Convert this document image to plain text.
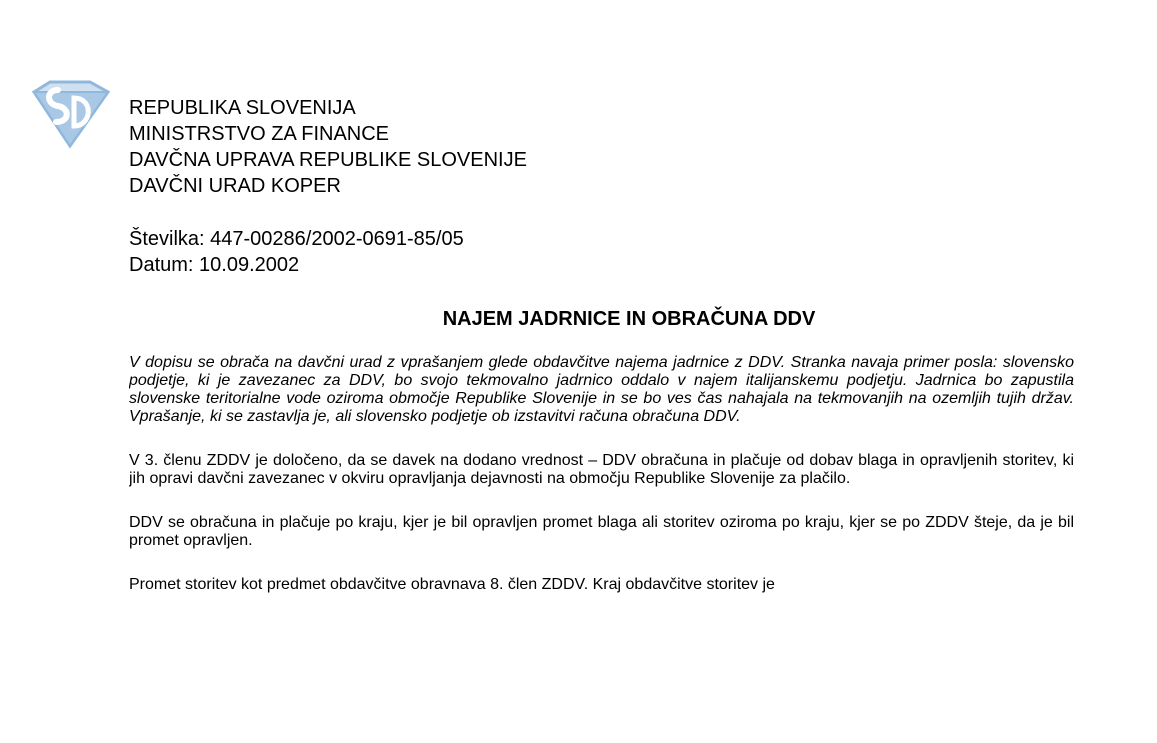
REPUBLIKA SLOVENIJA
MINISTRSTVO ZA FINANCE
DAVČNA UPRAVA REPUBLIKE SLOVENIJE
DAVČNI URAD KOPER
Številka: 447-00286/2002-0691-85/05
Datum: 10.09.2002
NAJEM JADRNICE IN OBRAČUNA DDV

V dopisu se obrača na davčni urad z vprašanjem glede obdavčitve najema jadrnice z DDV. Stranka navaja primer posla: slovensko podjetje, ki je zavezanec za DDV, bo svojo tekmovalno jadrnico oddalo v najem italijanskemu podjetju. Jadrnica bo zapustila slovenske teritorialne vode oziroma območje Republike Slovenije in se bo ves čas nahajala na tekmovanjih na ozemljih tujih držav. Vprašanje, ki se zastavlja je, ali slovensko podjetje ob izstavitvi računa obračuna DDV.

V 3. členu ZDDV je določeno, da se davek na dodano vrednost – DDV obračuna in plačuje od dobav blaga in opravljenih storitev, ki jih opravi davčni zavezanec v okviru opravljanja dejavnosti na območju Republike Slovenije za plačilo.

DDV se obračuna in plačuje po kraju, kjer je bil opravljen promet blaga ali storitev oziroma po kraju, kjer se po ZDDV šteje, da je bil promet opravljen.

Promet storitev kot predmet obdavčitve obravnava 8. člen ZDDV. Kraj obdavčitve storitev je
